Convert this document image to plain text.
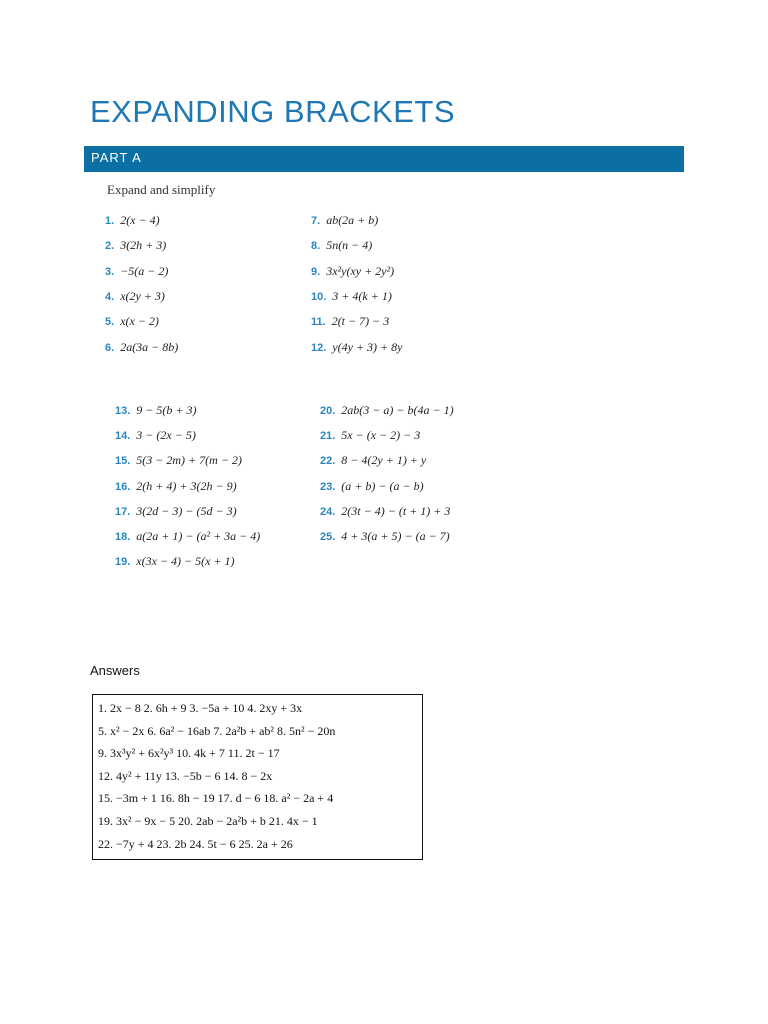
EXPANDING BRACKETS
PART A
Expand and simplify
1. 2(x − 4)
2. 3(2h + 3)
3. −5(a − 2)
4. x(2y + 3)
5. x(x − 2)
6. 2a(3a − 8b)
7. ab(2a + b)
8. 5n(n − 4)
9. 3x²y(xy + 2y²)
10. 3 + 4(k + 1)
11. 2(t − 7) − 3
12. y(4y + 3) + 8y
13. 9 − 5(b + 3)
14. 3 − (2x − 5)
15. 5(3 − 2m) + 7(m − 2)
16. 2(h + 4) + 3(2h − 9)
17. 3(2d − 3) − (5d − 3)
18. a(2a + 1) − (a² + 3a − 4)
19. x(3x − 4) − 5(x + 1)
20. 2ab(3 − a) − b(4a − 1)
21. 5x − (x − 2) − 3
22. 8 − 4(2y + 1) + y
23. (a + b) − (a − b)
24. 2(3t − 4) − (t + 1) + 3
25. 4 + 3(a + 5) − (a − 7)
Answers
1. 2x − 8 2. 6h + 9 3. −5a + 10 4. 2xy + 3x
5. x² − 2x 6. 6a² − 16ab 7. 2a²b + ab² 8. 5n² − 20n
9. 3x³y² + 6x²y³ 10. 4k + 7 11. 2t − 17
12. 4y² + 11y 13. −5b − 6 14. 8 − 2x
15. −3m + 1 16. 8h − 19 17. d − 6 18. a² − 2a + 4
19. 3x² − 9x − 5 20. 2ab − 2a²b + b 21. 4x − 1
22. −7y + 4 23. 2b 24. 5t − 6 25. 2a + 26
